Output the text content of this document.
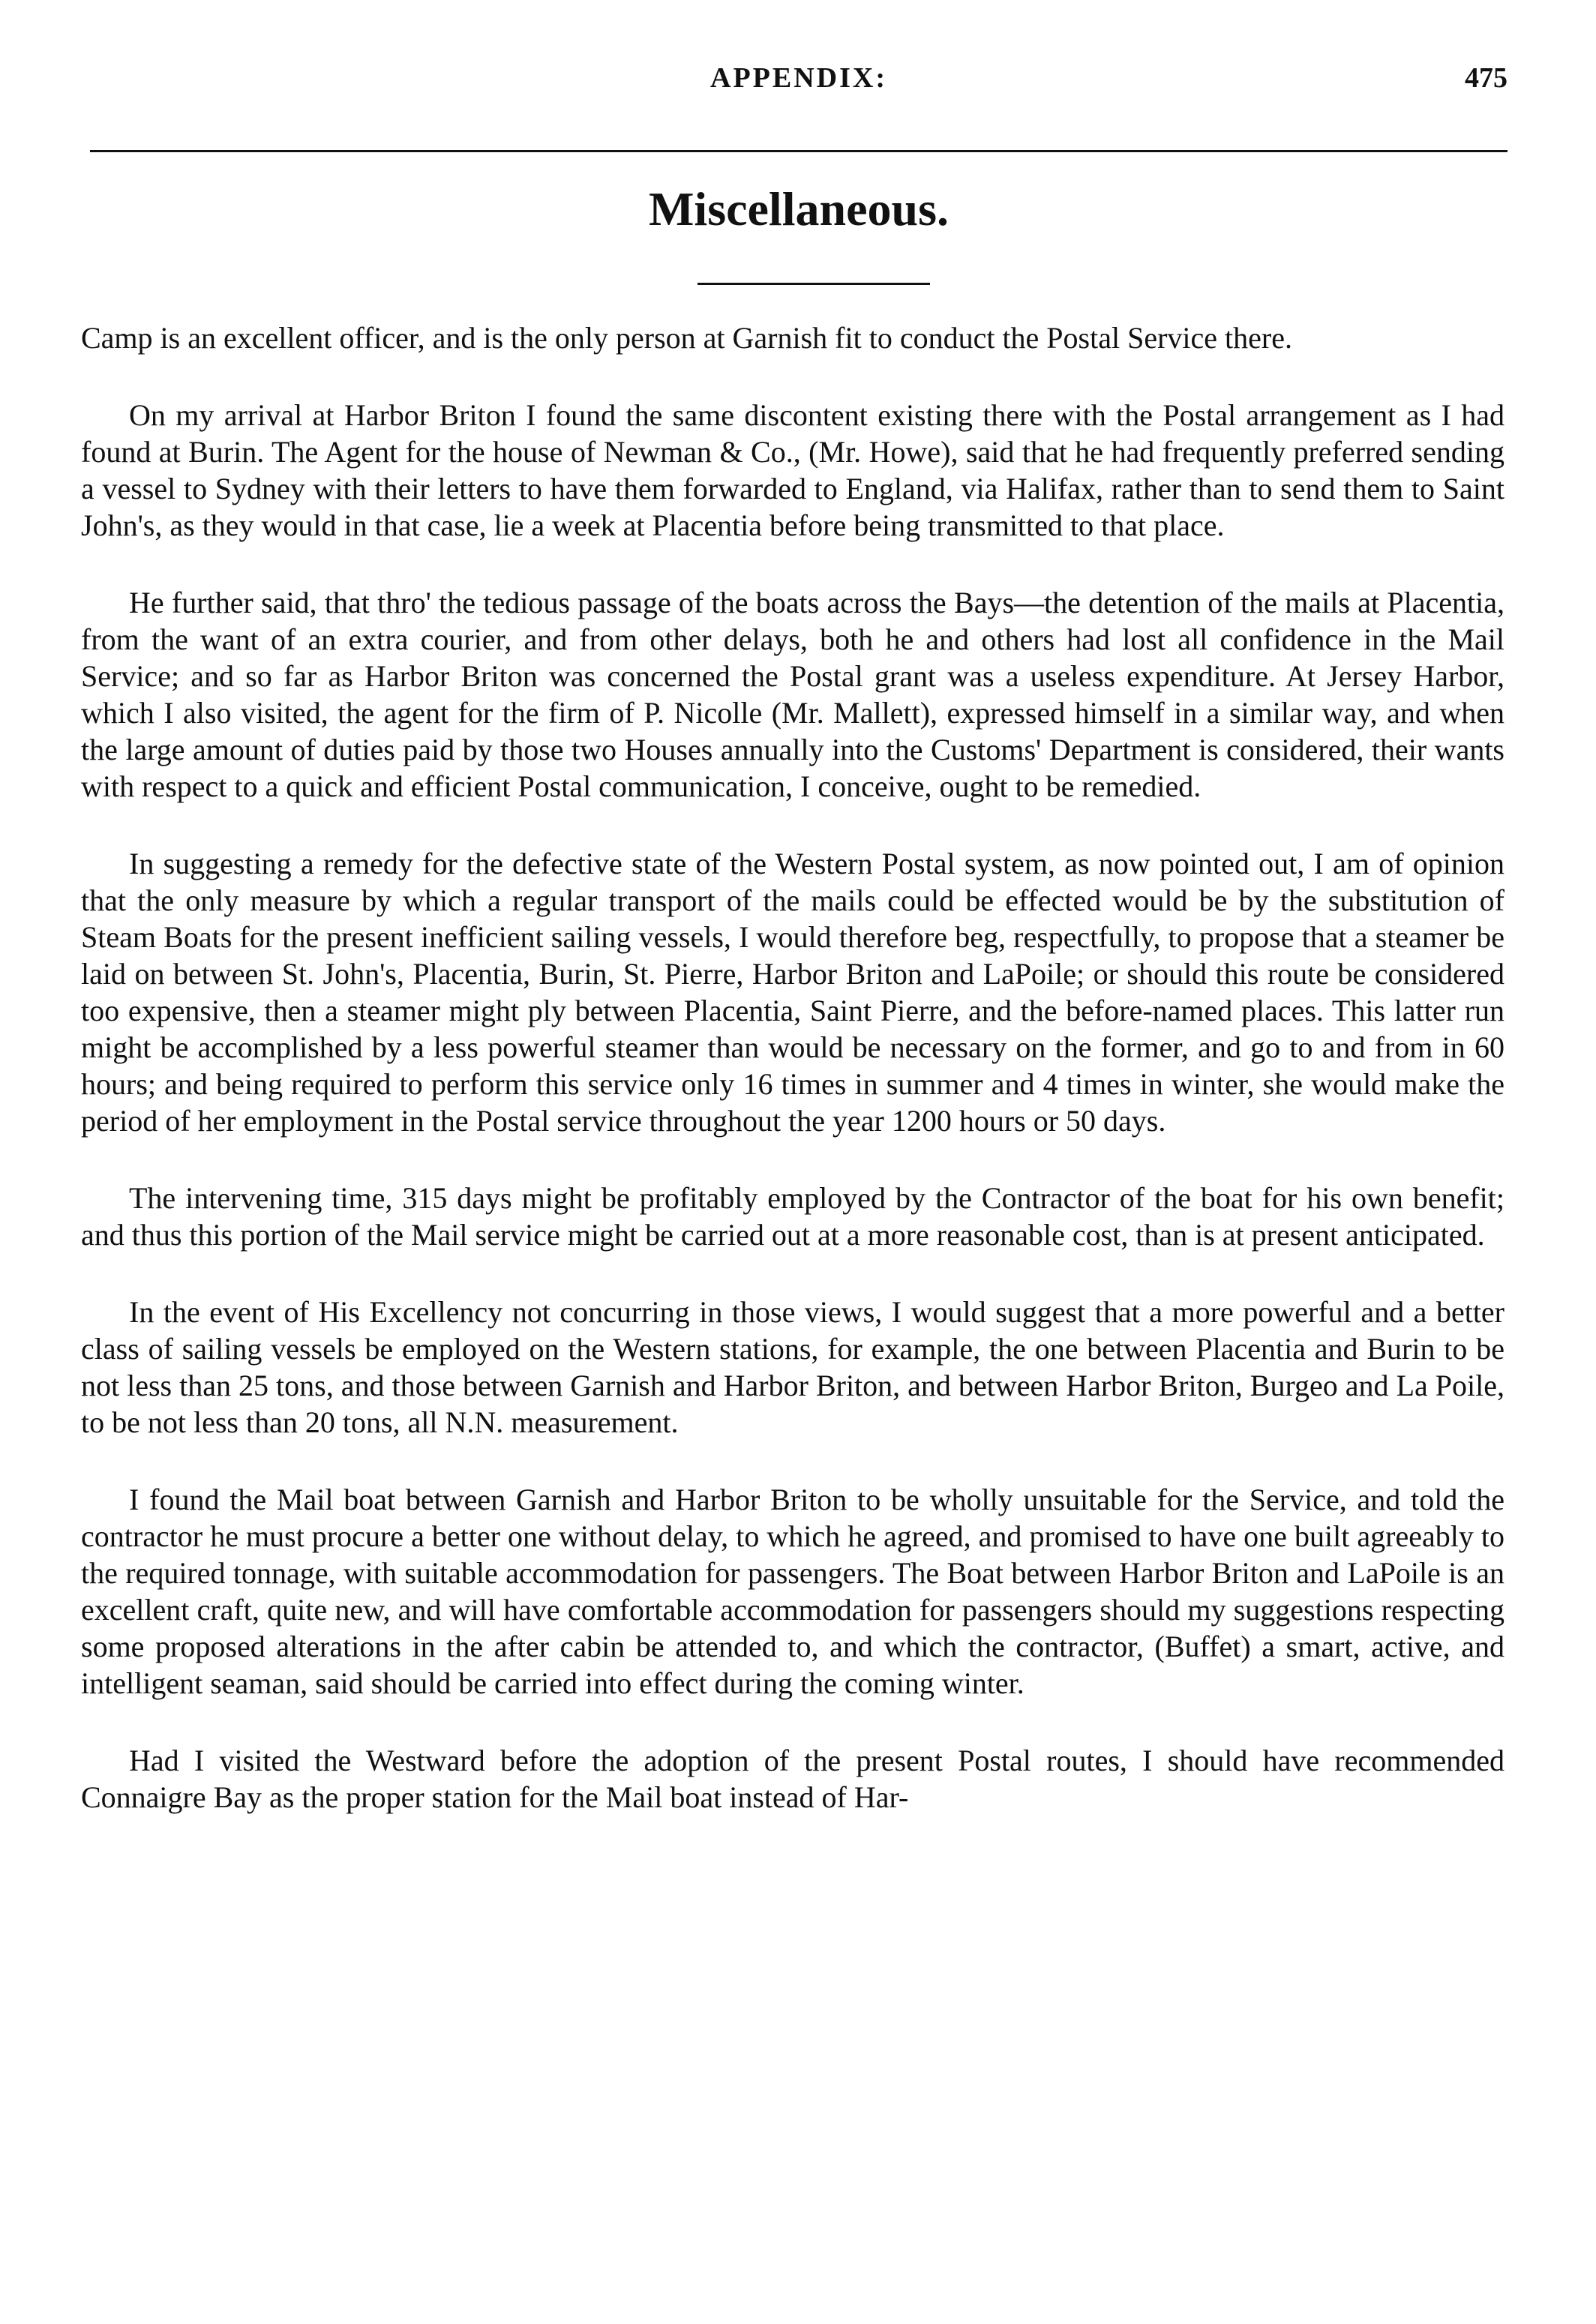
APPENDIX:	475
Miscellaneous.

Camp is an excellent officer, and is the only person at Garnish fit to conduct the Postal Service there.

On my arrival at Harbor Briton I found the same discontent existing there with the Postal arrangement as I had found at Burin. The Agent for the house of Newman & Co., (Mr. Howe), said that he had frequently preferred sending a vessel to Sydney with their letters to have them forwarded to England, via Halifax, rather than to send them to Saint John's, as they would in that case, lie a week at Placentia before being transmitted to that place.

He further said, that thro' the tedious passage of the boats across the Bays—the detention of the mails at Placentia, from the want of an extra courier, and from other delays, both he and others had lost all confidence in the Mail Service; and so far as Harbor Briton was concerned the Postal grant was a useless expenditure. At Jersey Harbor, which I also visited, the agent for the firm of P. Nicolle (Mr. Mallett), expressed himself in a similar way, and when the large amount of duties paid by those two Houses annually into the Customs' Department is considered, their wants with respect to a quick and efficient Postal communication, I conceive, ought to be remedied.

In suggesting a remedy for the defective state of the Western Postal system, as now pointed out, I am of opinion that the only measure by which a regular transport of the mails could be effected would be by the substitution of Steam Boats for the present inefficient sailing vessels, I would therefore beg, respectfully, to propose that a steamer be laid on between St. John's, Placentia, Burin, St. Pierre, Harbor Briton and LaPoile; or should this route be considered too expensive, then a steamer might ply between Placentia, Saint Pierre, and the before-named places. This latter run might be accomplished by a less powerful steamer than would be necessary on the former, and go to and from in 60 hours; and being required to perform this service only 16 times in summer and 4 times in winter, she would make the period of her employment in the Postal service throughout the year 1200 hours or 50 days.

The intervening time, 315 days might be profitably employed by the Contractor of the boat for his own benefit; and thus this portion of the Mail service might be carried out at a more reasonable cost, than is at present anticipated.

In the event of His Excellency not concurring in those views, I would suggest that a more powerful and a better class of sailing vessels be employed on the Western stations, for example, the one between Placentia and Burin to be not less than 25 tons, and those between Garnish and Harbor Briton, and between Harbor Briton, Burgeo and La Poile, to be not less than 20 tons, all N.N. measurement.

I found the Mail boat between Garnish and Harbor Briton to be wholly unsuitable for the Service, and told the contractor he must procure a better one without delay, to which he agreed, and promised to have one built agreeably to the required tonnage, with suitable accommodation for passengers. The Boat between Harbor Briton and LaPoile is an excellent craft, quite new, and will have comfortable accommodation for passengers should my suggestions respecting some proposed alterations in the after cabin be attended to, and which the contractor, (Buffet) a smart, active, and intelligent seaman, said should be carried into effect during the coming winter.

Had I visited the Westward before the adoption of the present Postal routes, I should have recommended Connaigre Bay as the proper station for the Mail boat instead of Har-
